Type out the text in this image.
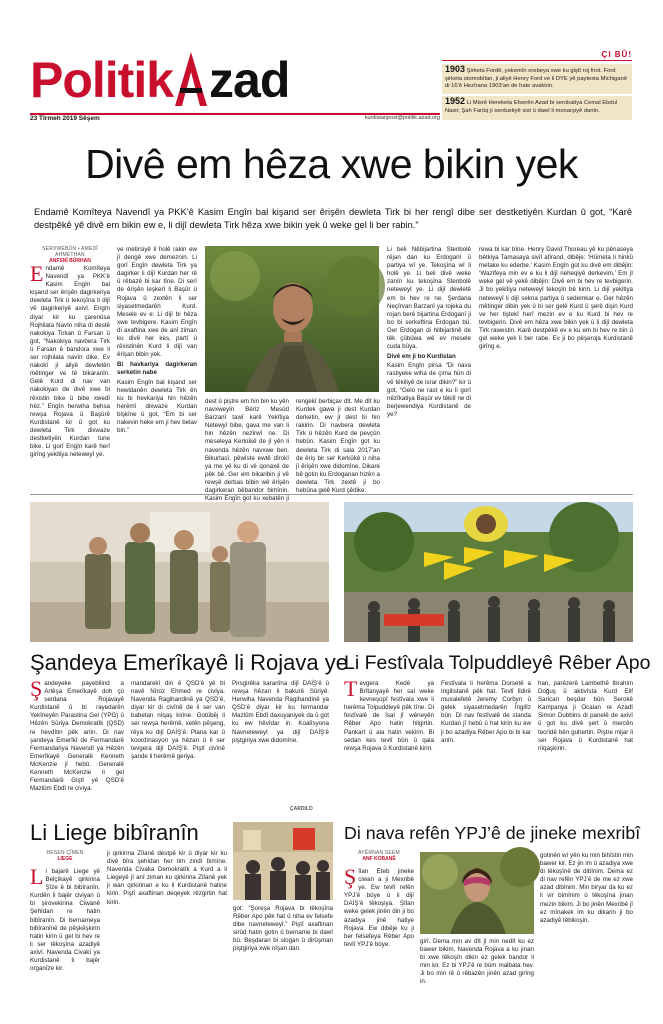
Politik zad
23 Tîrmeh 2019 Sêşem	kurdistanpost@politik.azad.org
ÇI BÛ!
1903 Şirketa Fordê, yekemîn erebeya xwe ku giştî roj firot. Ford şirketa otomobîlan, ji aliyê Henry Ford ve li DYE yê paytexta Michiganê di 16’ê Hezîrana 1903’an de hate avakirin.
1952 Li Misrê Hereketa Efserên Azad bi serokatiya Cemal Ebdul Nasir, Şah Farûq ji serduxtiyê xist û dawî li monarşiyê danîn.
Divê em hêza xwe bikin yek
Endamê Komîteya Navendî ya PKK’ê Kasim Engîn bal kişand ser êrişên dewleta Tirk bi her rengî dibe ser destketiyên Kurdan û got, “Karê destpêkê yê divê em bikin ew e, li dijî dewleta Tirk hêza xwe bikin yek û weke gel li ber rabin.”
SERXWEBÛN • AMEDÎ AHMETHAN
ANFSNÎ BÛRHAN
E ndamê Komîteya Navendî ya PKK’ê Kasim Engîn bal kişand ser êrişên dagirkeriya dewleta Tirk û tekoşîna li dijî vê dagirkeriyê axivî. Engîn diyar kir ku çarenûsa Rojhilata Navîn niha di destê nakokiya Tirkan û Farsan û got, “Nakokiya navbera Tirk û Farsan ê bandora xwe li ser rojhilata navîn dike. Ev nakokî ji aliyê dewletên mêtinger ve tê bikaranîn. Gelê Kurd di nav van nakokiyan de divê xwe bi rêxistin bike û bibe xwedî hêz.” Engîn herwiha behsa rewşa Rojava û Başûrê Kurdistanê kir û got ku dewleta Tirk dixwaze destketiyên Kurdan tune bike. Li gorî Engîn karê herî girîng yekitiya neteweyî ye.

ve metirsiyê li holê rakin ew jî dengê xwe demeznin. Li gorî Engîn dewleta Tirk ya dagirker li dijî Kurdan her rê û rêbazê bi kar tîne. Di serî de êrişên leşkerî li Başûr û Rojava û zextên li ser siyasetmedarên Kurd. Mesele ev e: Li dijî bi hêza xwe tevbigere. Kasim Engîn di axaftina xwe de anî ziman ku divê her kes, partî û rêxistinên Kurd li dijî van êrişan bibin yek.

Bi havkariya dagirkeran serketin nabe

Kasim Engîn bal kişand ser hewldanên dewleta Tirk ên ku bi hevkariya hin hêzên herêmî dixwaze Kurdan bişkîne û got, “Em bi ser nakevin heke em ji hev belav bin.”

dest û piştre em hin bin ku yên navxweyîn Bêriz Mesûd Barzanî tawî karê Yekîtiya Netewyî bibe, gava me van li hin hêzên nezîrwî ne. Di meseleya Kerkûkê de jî yên li navenda hêzên navxwe ben. Bikurtasî, pêwîste ewtê dîrokî ya me yê ku di vê qonaxê de pêk bê. Ger em bikaribin ji vê rewşê derbas bibin wê êrişên dagirkeran bêbandor bimînin. Kasim Engîn got ku xebatên ji
rengekî berbiçav dît. Me dît ku Kurdek gawa ji dest Kurdan derketin, ew jî dest bi hin rakirin. Di navbera dewleta Tirk û hêzên Kurd de pevçûn hebûn. Kasim Engîn got ku dewleta Tirk di sala 2017’an de êriş bir ser Kerkûkê û niha jî êrişên xwe didomîne. Dikare bê gotin ku Erdoganan hizên a dewleta Tirk zextê ji bo hebûna gelê Kurd çêdike.

Li beli Nêbijartina Stenbolê rêjan dan ku Erdoganî û partiya wî ye. Tekoşîna wî li holê ye. Li beli divê weke zanîn ku tekoşîna Stenbolê neteweyî ye. Li dijî dewletê em bi hev re ne. Şerdana Neçîrvan Barzanî ya rojeka du rojan berê bijartina Erdoganî ji bo bi serkeftina Erdogan bû. Ger Erdogan di hilbijartinê de têk çûbûwa wê ev mesele cuda bûya.

Divê em ji bo Kurdistan

Kasim Engîn pirsa “Di nava rastiyeke wiha de çima hûn di vê têkiliyê de israr dikin?” kir û got, “Gelo ne rast e ku li gorî nêzîkatiya Başûr ev têkilî ne di berjewendiya Kurdistanê de ye?

rewa bi kar bîne. Henry David Thoreau yê ku pênaseya bêtkiya Tamasaya sivîl afirand, dibêje: ‘Hûmeta li hinkû metake ku ederbe.’ Kasim Engîn got ku divê em dibêjin: ‘Wazîfeya min ev e ku li dijî neheqiyê derkevim.’ Em jî weke gel vê yekê dibêjin: Divê em bi hev re tevbigerin. Ji bo yekitiya neteweyî tekoşîn bê kirin. Li dijî yekitiya neteweyî li dijî sekna partiya û sedemkar e. Ger hêzên mêtinger dibin yek û bi ser gelê Kurd û şerê dişin Kurd ve her tiştekî herî mezin ev e ku Kurd bi hev re tevbigerin. Divê em hêza xwe bikin yek û li dijî dewleta Tirk rawestin. Karê destpêkê ev e ku em bi hev re bin û gel weke yek li ber rabe. Ev ji bo pêşeroja Kurdistanê girîng e.
Şandeya Emerîkayê li Rojava ye
Ş andeyeke payebilind a Artêşa Emerîkayê doh çû serdana Rojavayê Kurdistanê û bi rayedarên Yekîneyên Parastina Gel (YPG) û Hêzên Sûriya Demokratîk (QSD) re hevdîtin pêk anîn. Di nav şandeya Emerîkî de Fermandarê Fermandariya Navendî ya Hêzên Emerîkayê Generalê Kenneth McKenzie jî hebû. Generalê Kenneth McKenzie li gel Fermandarê Giştî yê QSD’ê Mazlûm Ebdî re civiya.
mandarekî din ê QSD’ê yê bi navê Nîroz Ehmed re civiya. Navenda Ragihandinê ya QSD’ê, diyar kir di civînê de li ser van babetan nîqaş kirine: Gotûbêj li ser rewşa herêmê, xetên pêşeng, rêya ku dijî DAİŞ’ê. Plana kar û koordînasyon ya hêzan û li ser tevgera dijî DAİŞ’ê. Piştî civînê şande li herêmê geriya.
Pirsgirêka karanîna dijî DAİŞ’ê û rewşa hêzan li bakurê Sûriyê. Herwiha Navenda Ragihandinê ya QSD’ê diyar kir ku fermandar Mazlûm Ebdî daxuyaniyek da û got ku ew hêvîdar in. Koalîsyona Navneteweyî ya dijî DAİŞ’ê piştgiriya xwe didomîne.
ÇARDILO
Li Festîvala Tolpuddleyê Rêber Apo
T evgera Kedê ya Brîtanyayê her sal weke kevneşopî festîvala xwe li herêma Tolpuddleyê pêk tîne. Di festîvalê de îsal jî wêneyên Rêber Apo hatin hilgirtin. Pankart û ala hatin vekirin. Bi sedan kes tevlî bûn û qala rewşa Rojava û Kurdistanê kirin.
Festîvala li herêma Dorsetê a Ingilistanê pêk hat. Tevlî lîdirê muxalefetê Jeremy Corbyn û gelek siyasetmedarên Îngilîz bûn. Di nav festîvalê de standa Kurdan jî hebû û hat kirin ku ew ji bo azadiya Rêber Apo bi bi kar anîn.
han, parêzerê Lambethê Ibrahim Doğuş û aktivîsta Kurd Elif Sarican beşdar bûn. Serokê Kampanya ji Ocalan re Azadî Simon Dubbins di panelê de axivî û got ku divê şert û mercên tecrîdê bên guhertin. Piştre mijar li ser Rojava û Kurdistanê hat nîqaşkirin.
Li Liege bibîranîn
HESEN ÇÎMEN
LIEGE
L i bajarê Liege yê Belçîkayê qirkirina Şîze ê bi bibîranîn. Kurdên li bajêr civiyan û bi şirovekirina Ciwanê Şehîdan re hatin bibîranîn. Di bernameya bibîranînê de pêşkêşkirin hatin kirin û gel bi hev re li ser têkoşîna azadiyê axivî. Navenda Civakî ya Kurdistanê li bajêr organîze kir.
ji qirkirina Zîlanê destpê kir û diyar kir ku divê bîra şehîdan her tim zindî bimîne. Navenda Civaka Demokratîk a Kurd a li Liegeyê jî anî ziman ku qirkirina Zîlanê yek ji wan qirkirinan e ku li Kurdistanê hatine kirin. Piştî axaftinan deqeyek rêzgirtin hat kirin.
got: “Şoreşa Rojava bi têkoşîna Rêber Apo pêk hat û niha ev felsefe dibe navneteweyî.” Piştî axaftinan sirûd hatin gotin û bername bi dawî bû. Beşdaran bi slogan û dirûşman piştgiriya xwe nîşan dan.
Di nava refên YPJ’ê de jineke mexribî
AYÊRNAN SEEM
ANF KOBANÊ
Ş îlan Eteb jineke ciwan a ji Mexribê ye. Ew tevlî refên YPJ’ê bûye û li dijî DAİŞ’ê têkoşiya. Şîlan weke gelek jinên din ji bo azadiya jinê hatiye Rojava. Ew dibêje ku ji ber felsefeya Rêber Apo tevlî YPJ’ê bûye.	girî. Dema min av dît jî min nedît ku ez bawer bikim. Navenda Rojava a ku jinan bi xwe têkoşîn dikin ez gelek bandor li min kir. Ez bi YPJ’ê re bûm malbata hev. Ji bo min rê û rêbazên jinên azad girîng in.
gotinên wî yên ku min bihîstin min bawer kir. Ez jin im û azadiya xwe di têkoşînê de dibînim. Dema ez di nav refên YPJ’ê de me ez xwe azad dibînim. Min biryar da ku ez li vir bimînim û têkoşîna jinan mezin bikim. Ji bo jinên Mexribê jî ez mînakek im ku dikarin ji bo azadiyê têbikoşin.
